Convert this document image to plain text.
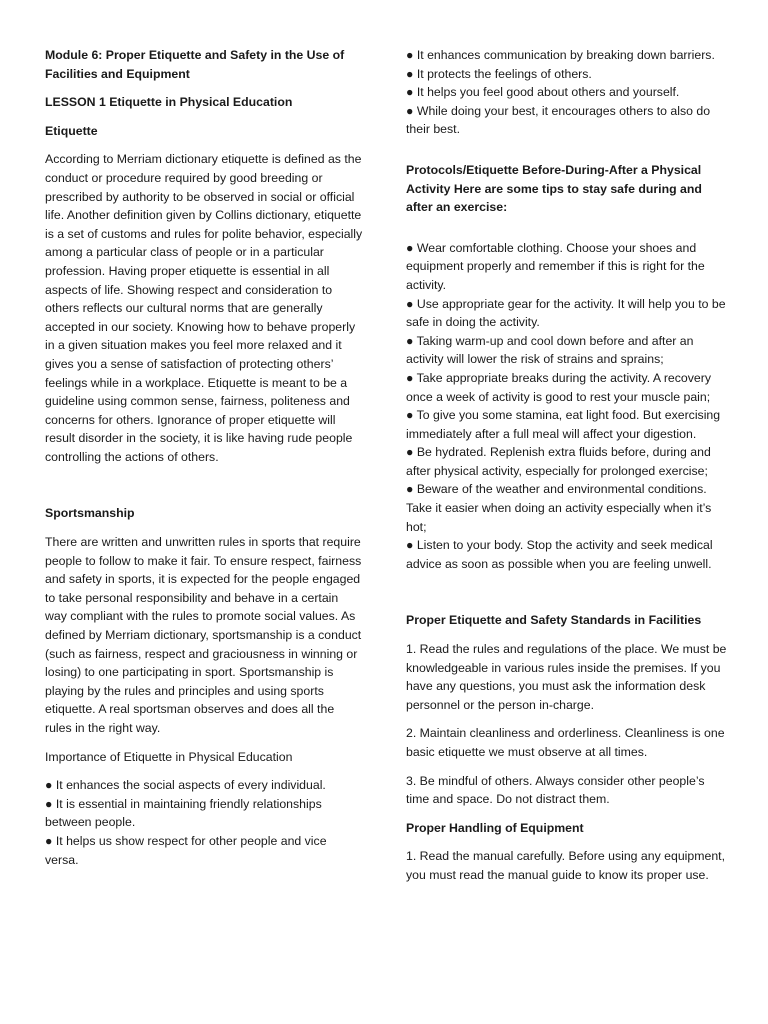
Module 6: Proper Etiquette and Safety in the Use of Facilities and Equipment

LESSON 1 Etiquette in Physical Education

Etiquette

According to Merriam dictionary etiquette is defined as the conduct or procedure required by good breeding or prescribed by authority to be observed in social or official life. Another definition given by Collins dictionary, etiquette is a set of customs and rules for polite behavior, especially among a particular class of people or in a particular profession. Having proper etiquette is essential in all aspects of life. Showing respect and consideration to others reflects our cultural norms that are generally accepted in our society. Knowing how to behave properly in a given situation makes you feel more relaxed and it gives you a sense of satisfaction of protecting others’ feelings while in a workplace. Etiquette is meant to be a guideline using common sense, fairness, politeness and concerns for others. Ignorance of proper etiquette will result disorder in the society, it is like having rude people controlling the actions of others.

Sportsmanship

There are written and unwritten rules in sports that require people to follow to make it fair. To ensure respect, fairness and safety in sports, it is expected for the people engaged to take personal responsibility and behave in a certain way compliant with the rules to promote social values. As defined by Merriam dictionary, sportsmanship is a conduct (such as fairness, respect and graciousness in winning or losing) to one participating in sport. Sportsmanship is playing by the rules and principles and using sports etiquette. A real sportsman observes and does all the rules in the right way.

Importance of Etiquette in Physical Education

● It enhances the social aspects of every individual.
● It is essential in maintaining friendly relationships between people.
● It helps us show respect for other people and vice versa.
● It enhances communication by breaking down barriers.
● It protects the feelings of others.
● It helps you feel good about others and yourself.
● While doing your best, it encourages others to also do their best.

Protocols/Etiquette Before-During-After a Physical Activity Here are some tips to stay safe during and after an exercise:

● Wear comfortable clothing. Choose your shoes and equipment properly and remember if this is right for the activity.
● Use appropriate gear for the activity. It will help you to be safe in doing the activity.
● Taking warm-up and cool down before and after an activity will lower the risk of strains and sprains;
● Take appropriate breaks during the activity. A recovery once a week of activity is good to rest your muscle pain;
● To give you some stamina, eat light food. But exercising immediately after a full meal will affect your digestion.
● Be hydrated. Replenish extra fluids before, during and after physical activity, especially for prolonged exercise;
● Beware of the weather and environmental conditions. Take it easier when doing an activity especially when it’s hot;
● Listen to your body. Stop the activity and seek medical advice as soon as possible when you are feeling unwell.

Proper Etiquette and Safety Standards in Facilities

1. Read the rules and regulations of the place. We must be knowledgeable in various rules inside the premises. If you have any questions, you must ask the information desk personnel or the person in-charge.

2. Maintain cleanliness and orderliness. Cleanliness is one basic etiquette we must observe at all times.

3. Be mindful of others. Always consider other people’s time and space. Do not distract them.

Proper Handling of Equipment

1. Read the manual carefully. Before using any equipment, you must read the manual guide to know its proper use.
